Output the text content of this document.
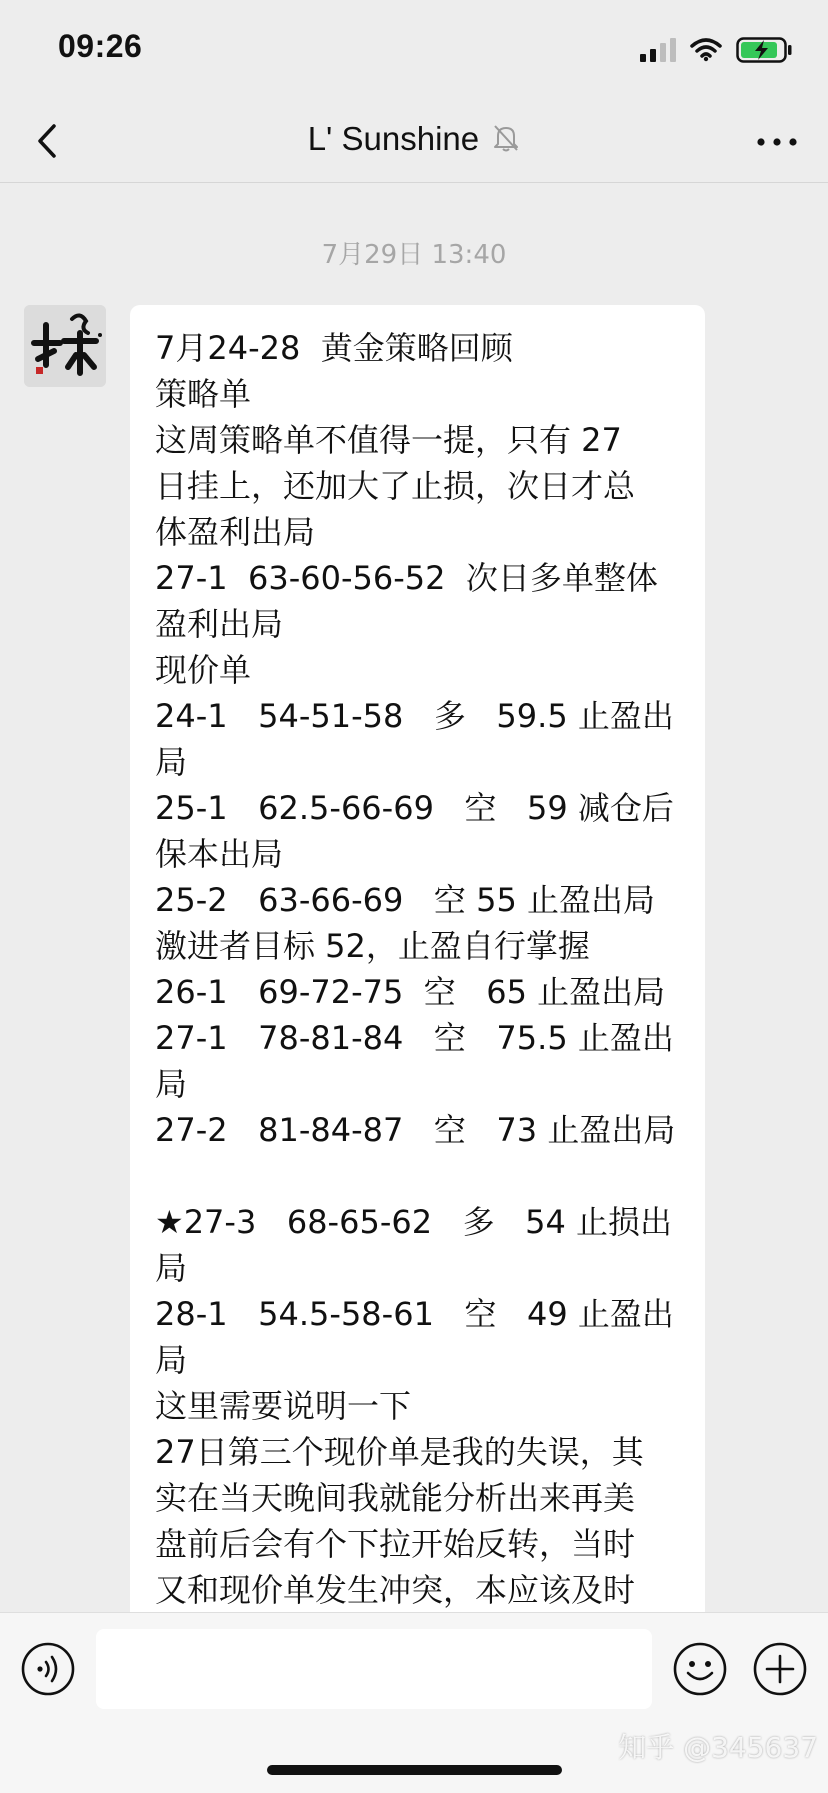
09:26
L' Sunshine
7月29日 13:40
7月24-28  黄金策略回顾
策略单
这周策略单不值得一提，只有 27
日挂上，还加大了止损，次日才总
体盈利出局
27-1  63-60-56-52  次日多单整体
盈利出局
现价单
24-1   54-51-58   多   59.5 止盈出
局
25-1   62.5-66-69   空   59 减仓后
保本出局
25-2   63-66-69   空 55 止盈出局
激进者目标 52，止盈自行掌握
26-1   69-72-75  空   65 止盈出局
27-1   78-81-84   空   75.5 止盈出
局
27-2   81-84-87   空   73 止盈出局

★27-3   68-65-62   多   54 止损出
局
28-1   54.5-58-61   空   49 止盈出
局
这里需要说明一下
27日第三个现价单是我的失误，其
实在当天晚间我就能分析出来再美
盘前后会有个下拉开始反转，当时
又和现价单发生冲突，本应该及时
知乎 @345637
